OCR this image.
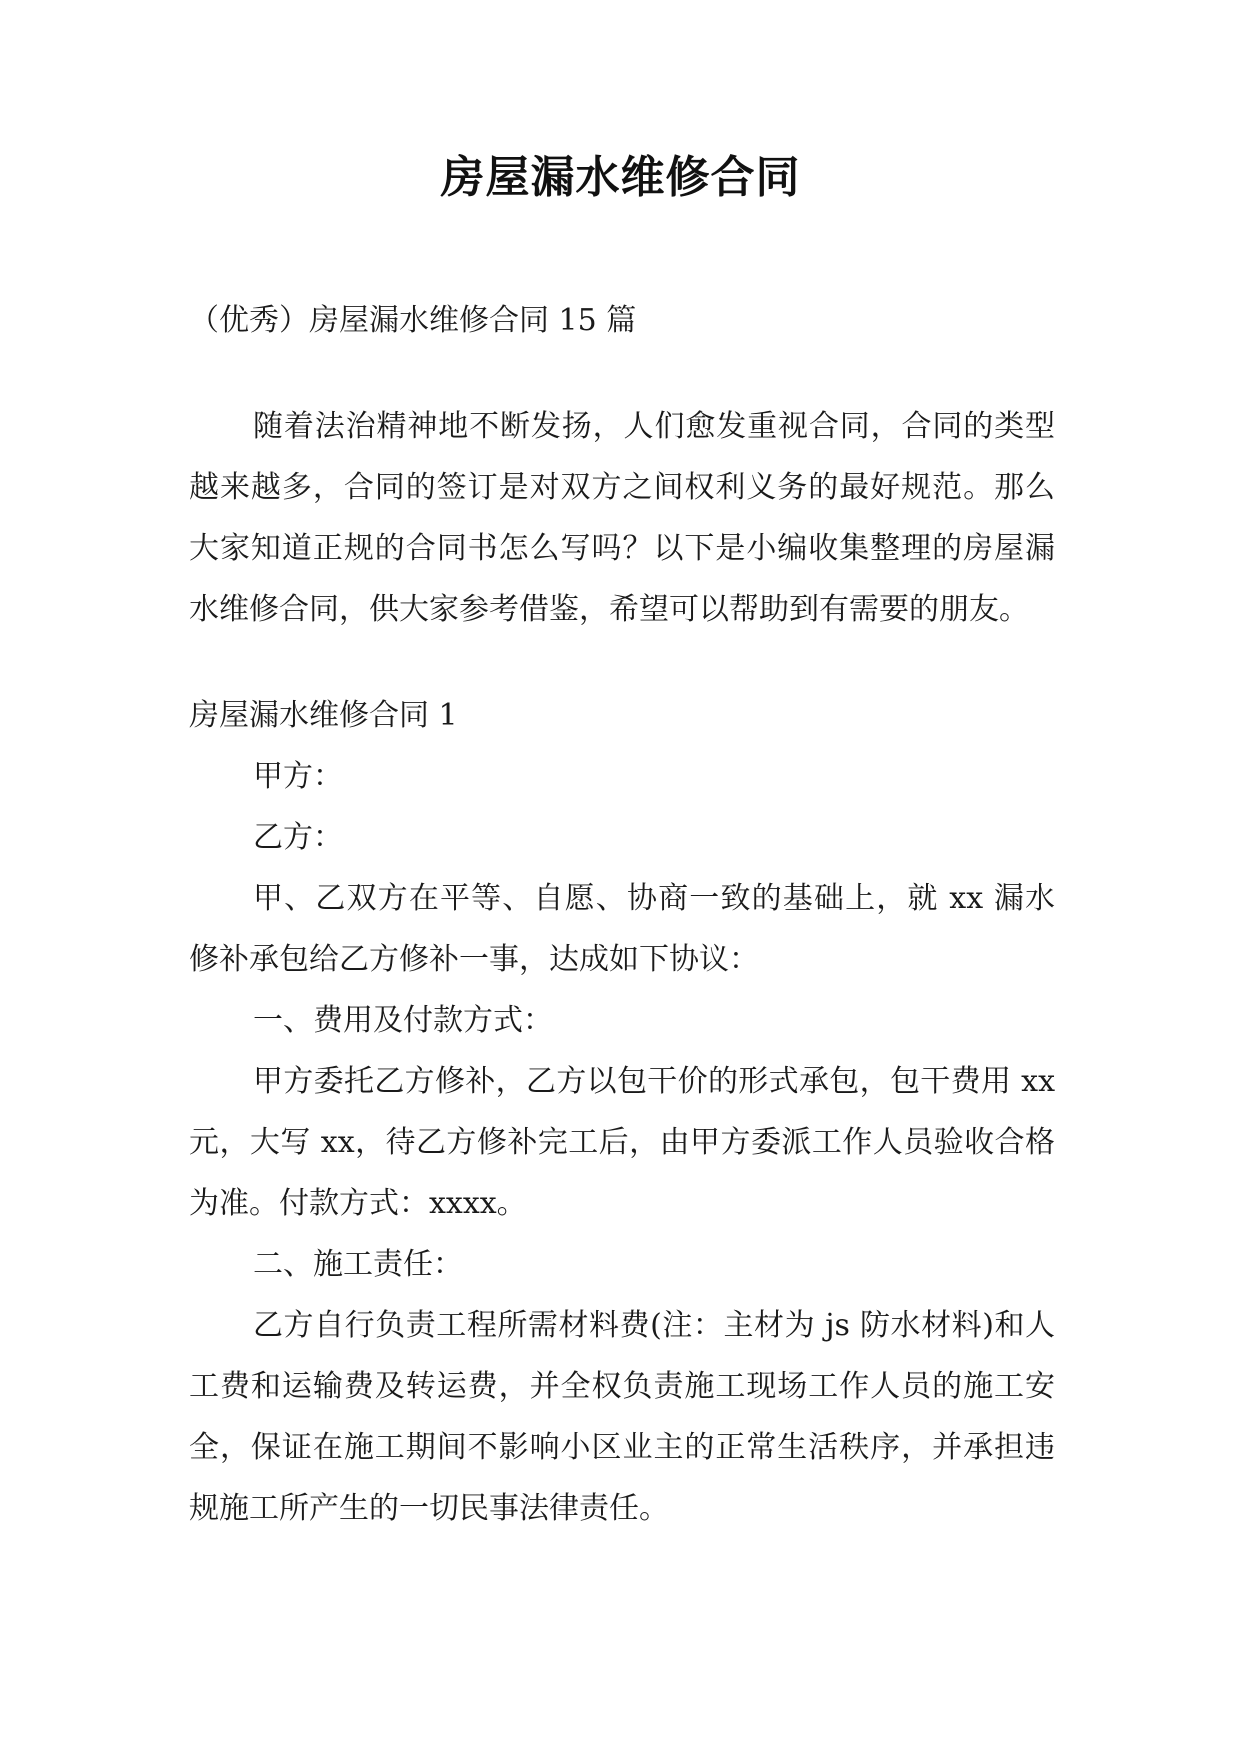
房屋漏水维修合同

（优秀）房屋漏水维修合同 15 篇

随着法治精神地不断发扬，人们愈发重视合同，合同的类型越来越多，合同的签订是对双方之间权利义务的最好规范。那么大家知道正规的合同书怎么写吗？以下是小编收集整理的房屋漏水维修合同，供大家参考借鉴，希望可以帮助到有需要的朋友。

房屋漏水维修合同 1

甲方：

乙方：

甲、乙双方在平等、自愿、协商一致的基础上，就 xx 漏水修补承包给乙方修补一事，达成如下协议：

一、费用及付款方式：

甲方委托乙方修补，乙方以包干价的形式承包，包干费用 xx 元，大写 xx，待乙方修补完工后，由甲方委派工作人员验收合格为准。付款方式：xxxx。

二、施工责任：

乙方自行负责工程所需材料费(注：主材为 js 防水材料)和人工费和运输费及转运费，并全权负责施工现场工作人员的施工安全，保证在施工期间不影响小区业主的正常生活秩序，并承担违规施工所产生的一切民事法律责任。
